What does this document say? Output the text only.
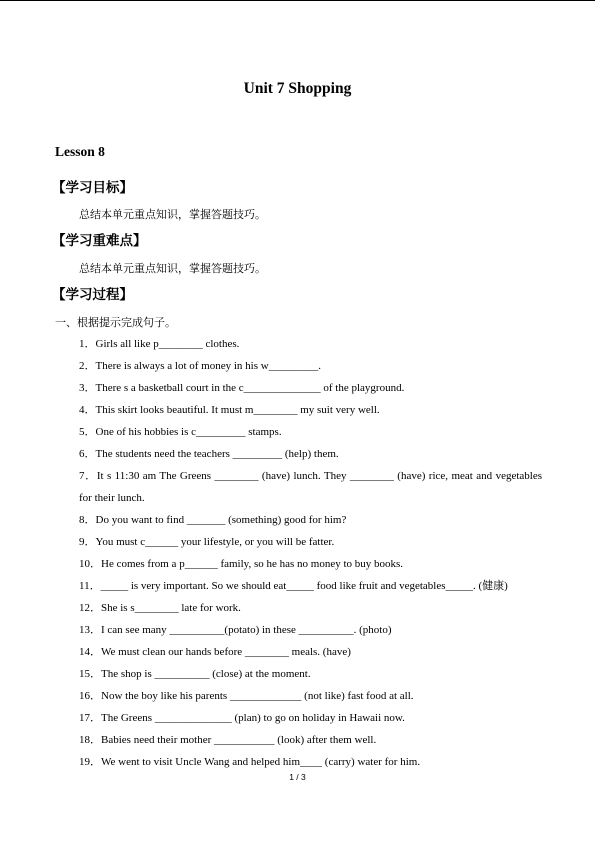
Unit 7 Shopping
Lesson 8
【学习目标】
总结本单元重点知识，掌握答题技巧。
【学习重难点】
总结本单元重点知识，掌握答题技巧。
【学习过程】
一、根据提示完成句子。
1．Girls all like p________ clothes.
2．There is always a lot of money in his w_________.
3．There s a basketball court in the c______________ of the playground.
4．This skirt looks beautiful. It must m________ my suit very well.
5．One of his hobbies is c_________ stamps.
6．The students need the teachers _________ (help) them.
7．It s 11:30 am The Greens ________ (have) lunch. They ________ (have) rice, meat and vegetables for their lunch.
8．Do you want to find _______ (something) good for him?
9．You must c______ your lifestyle, or you will be fatter.
10．He comes from a p______ family, so he has no money to buy books.
11．_____ is very important. So we should eat_____ food like fruit and vegetables_____. (健康)
12．She is s________ late for work.
13．I can see many __________(potato) in these __________. (photo)
14．We must clean our hands before ________ meals. (have)
15．The shop is __________ (close) at the moment.
16．Now the boy like his parents _____________ (not like) fast food at all.
17．The Greens ______________ (plan) to go on holiday in Hawaii now.
18．Babies need their mother ___________ (look) after them well.
19．We went to visit Uncle Wang and helped him____ (carry) water for him.
1 / 3
